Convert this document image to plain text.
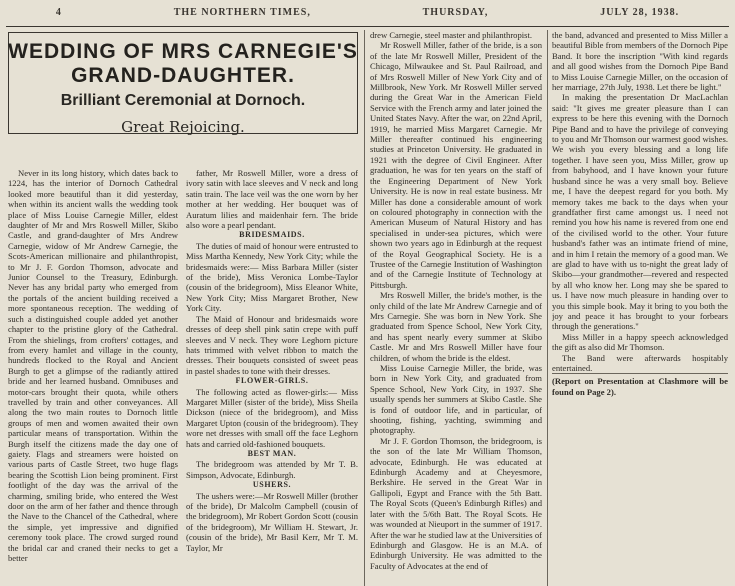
4	THE NORTHERN TIMES,	THURSDAY,	JULY 28, 1938.
WEDDING OF MRS CARNEGIE'S GRAND-DAUGHTER.
Brilliant Ceremonial at Dornoch.
Great Rejoicing.

Never in its long history, which dates back to 1224, has the interior of Dornoch Cathedral looked more beautiful than it did yesterday, when within its ancient walls the wedding took place of Miss Louise Carnegie Miller, eldest daughter of Mr and Mrs Roswell Miller, Skibo Castle, and grand-daughter of Mrs Andrew Carnegie, widow of Mr Andrew Carnegie, the Scots-American millionaire and philanthropist, to Mr J. F. Gordon Thomson, advocate and Junior Counsel to the Treasury, Edinburgh. Never has any bridal party who emerged from the portals of the ancient building received a more spontaneous reception. The wedding of such a distinguished couple added yet another chapter to the pristine glory of the Cathedral. From the shielings, from crofters' cottages, and from every hamlet and village in the county, hundreds flocked to the Royal and Ancient Burgh to get a glimpse of the radiantly attired bride and her learned husband. Omnibuses and motor-cars brought their quota, while others travelled by train and other conveyances. All along the two main routes to Dornoch little groups of men and women awaited their own particular means of transportation. Within the Burgh itself the citizens made the day one of gaiety. Flags and streamers were hoisted on various parts of Castle Street, two huge flags bearing the Scottish Lion being prominent. First footlight of the day was the arrival of the charming, smiling bride, who entered the West door on the arm of her father and thence through the Nave to the Chancel of the Cathedral, where the simple, yet impressive and dignified ceremony took place. The crowd surged round the bridal car and craned their necks to get a better

father, Mr Roswell Miller, wore a dress of ivory satin with lace sleeves and V neck and long satin train. The lace veil was the one worn by her mother at her wedding. Her bouquet was of Auratum lilies and maidenhair fern. The bride also wore a pearl pendant.

BRIDESMAIDS.

The duties of maid of honour were entrusted to Miss Martha Kennedy, New York City; while the bridesmaids were:— Miss Barbara Miller (sister of the bride), Miss Veronica Lombe-Taylor (cousin of the bridegroom), Miss Eleanor White, New York City; Miss Margaret Brother, New York City.

The Maid of Honour and bridesmaids wore dresses of deep shell pink satin crepe with puff sleeves and V neck. They wore Leghorn picture hats trimmed with velvet ribbon to match the dresses. Their bouquets consisted of sweet peas in pastel shades to tone with their dresses.

FLOWER-GIRLS.

The following acted as flower-girls:— Miss Margaret Miller (sister of the bride), Miss Sheila Dickson (niece of the bridegroom), and Miss Margaret Upton (cousin of the bridegroom). They wore net dresses with small off the face Leghorn hats and carried old-fashioned bouquets.

BEST MAN.

The bridegroom was attended by Mr T. B. Simpson, Advocate, Edinburgh.

USHERS.

The ushers were:—Mr Roswell Miller (brother of the bride), Dr Malcolm Campbell (cousin of the bridegroom), Mr Robert Gordon Scott (cousin of the bridegroom), Mr William H. Stewart, Jr. (cousin of the bride), Mr Basil Kerr, Mr T. M. Taylor, Mr

drew Carnegie, steel master and philanthropist.

Mr Roswell Miller, father of the bride, is a son of the late Mr Roswell Miller, President of the Chicago, Milwaukee and St. Paul Railroad, and of Mrs Roswell Miller of New York City and of Millbrook, New York. Mr Roswell Miller served during the Great War in the American Field Service with the French army and later joined the United States Navy. After the war, on 22nd April, 1919, he married Miss Margaret Carnegie. Mr Miller thereafter continued his engineering studies at Princeton University. He graduated in 1921 with the degree of Civil Engineer. After graduation, he was for ten years on the staff of the Engineering Department of New York University. He is now in real estate business. Mr Miller has done a considerable amount of work on coloured photography in connection with the American Museum of Natural History and has specialised in under-sea pictures, which were shown two years ago in Edinburgh at the request of the Royal Geographical Society. He is a Trustee of the Carnegie Institution of Washington and of the Carnegie Institute of Technology at Pittsburgh.

Mrs Roswell Miller, the bride's mother, is the only child of the late Mr Andrew Carnegie and of Mrs Carnegie. She was born in New York. She graduated from Spence School, New York City, and has spent nearly every summer at Skibo Castle. Mr and Mrs Roswell Miller have four children, of whom the bride is the eldest.

Miss Louise Carnegie Miller, the bride, was born in New York City, and graduated from Spence School, New York City, in 1937. She usually spends her summers at Skibo Castle. She is fond of outdoor life, and in particular, of shooting, fishing, yachting, swimming and photography.

Mr J. F. Gordon Thomson, the bridegroom, is the son of the late Mr William Thomson, advocate, Edinburgh. He was educated at Edinburgh Academy and at Cheyesmore, Berkshire. He served in the Great War in Gallipoli, Egypt and France with the 5th Batt. The Royal Scots (Queen's Edinburgh Rifles) and later with the 5/6th Batt. The Royal Scots. He was wounded at Nieuport in the summer of 1917. After the war he studied law at the Universities of Edinburgh and Glasgow. He is an M.A. of Edinburgh University. He was admitted to the Faculty of Advocates at the end of

the band, advanced and presented to Miss Miller a beautiful Bible from members of the Dornoch Pipe Band. It bore the inscription "With kind regards and all good wishes from the Dornoch Pipe Band to Miss Louise Carnegie Miller, on the occasion of her marriage, 27th July, 1938. Let there be light."

In making the presentation Dr MacLachlan said: "It gives me greater pleasure than I can express to be here this evening with the Dornoch Pipe Band and to have the privilege of conveying to you and Mr Thomson our warmest good wishes. We wish you every blessing and a long life together. I have seen you, Miss Miller, grow up from babyhood, and I have known your future husband since he was a very small boy. Believe me, I have the deepest regard for you both. My memory takes me back to the days when your grandfather first came amongst us. I need not remind you how his name is revered from one end of the civilised world to the other. Your future husband's father was an intimate friend of mine, and in him I retain the memory of a good man. We are glad to have with us to-night the great lady of Skibo—your grandmother—revered and respected by all who know her. Long may she be spared to us. I have now much pleasure in handing over to you this simple book. May it bring to you both the joy and peace it has brought to your forbears through the generations."

Miss Miller in a happy speech acknowledged the gift as also did Mr Thomson.

The Band were afterwards hospitably entertained.

(Report on Presentation at Clashmore will be found on Page 2).
